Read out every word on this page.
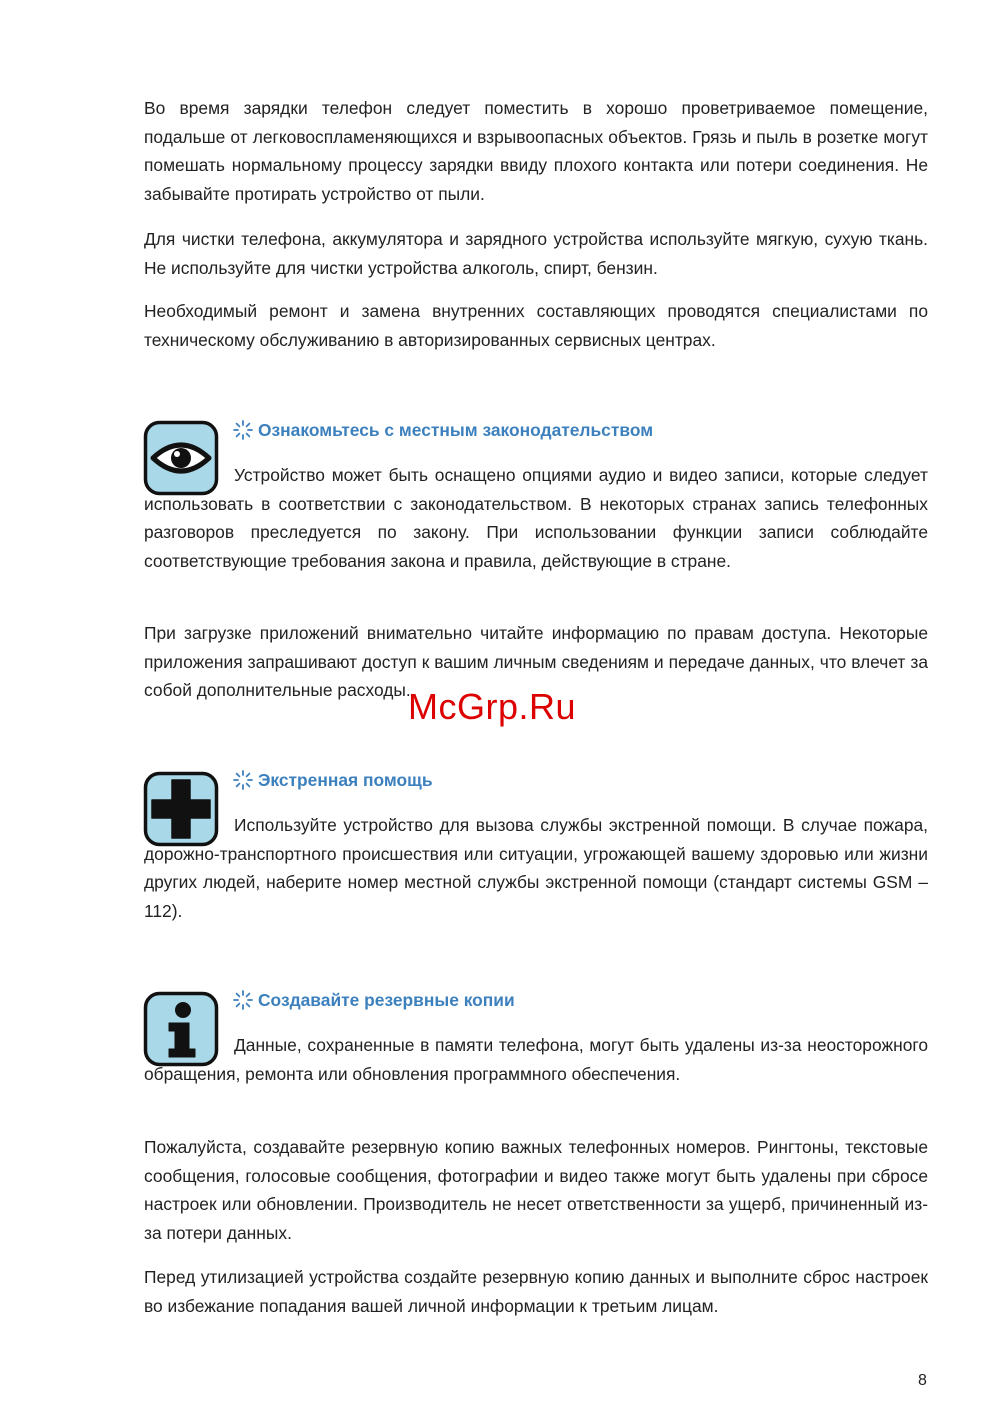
Во время зарядки телефон следует поместить в хорошо проветриваемое помещение, подальше от легковоспламеняющихся и взрывоопасных объектов. Грязь и пыль в розетке могут помешать нормальному процессу зарядки ввиду плохого контакта или потери соединения. Не забывайте протирать устройство от пыли.

Для чистки телефона, аккумулятора и зарядного устройства используйте мягкую, сухую ткань. Не используйте для чистки устройства алкоголь, спирт, бензин.

Необходимый ремонт и замена внутренних составляющих проводятся специалистами по техническому обслуживанию в авторизированных сервисных центрах.

Ознакомьтесь с местным законодательством

Устройство может быть оснащено опциями аудио и видео записи, которые следует использовать в соответствии с законодательством. В некоторых странах запись телефонных разговоров преследуется по закону. При использовании функции записи соблюдайте соответствующие требования закона и правила, действующие в стране.

При загрузке приложений внимательно читайте информацию по правам доступа. Некоторые приложения запрашивают доступ к вашим личным сведениям и передаче данных, что влечет за собой дополнительные расходы.

McGrp.Ru

Экстренная помощь

Используйте устройство для вызова службы экстренной помощи. В случае пожара, дорожно-транспортного происшествия или ситуации, угрожающей вашему здоровью или жизни других людей, наберите номер местной службы экстренной помощи (стандарт системы GSM – 112).

Создавайте резервные копии

Данные, сохраненные в памяти телефона, могут быть удалены из-за неосторожного обращения, ремонта или обновления программного обеспечения.

Пожалуйста, создавайте резервную копию важных телефонных номеров. Рингтоны, текстовые сообщения, голосовые сообщения, фотографии и видео также могут быть удалены при сбросе настроек или обновлении. Производитель не несет ответственности за ущерб, причиненный из-за потери данных.

Перед утилизацией устройства создайте резервную копию данных и выполните сброс настроек во избежание попадания вашей личной информации к третьим лицам.

8
